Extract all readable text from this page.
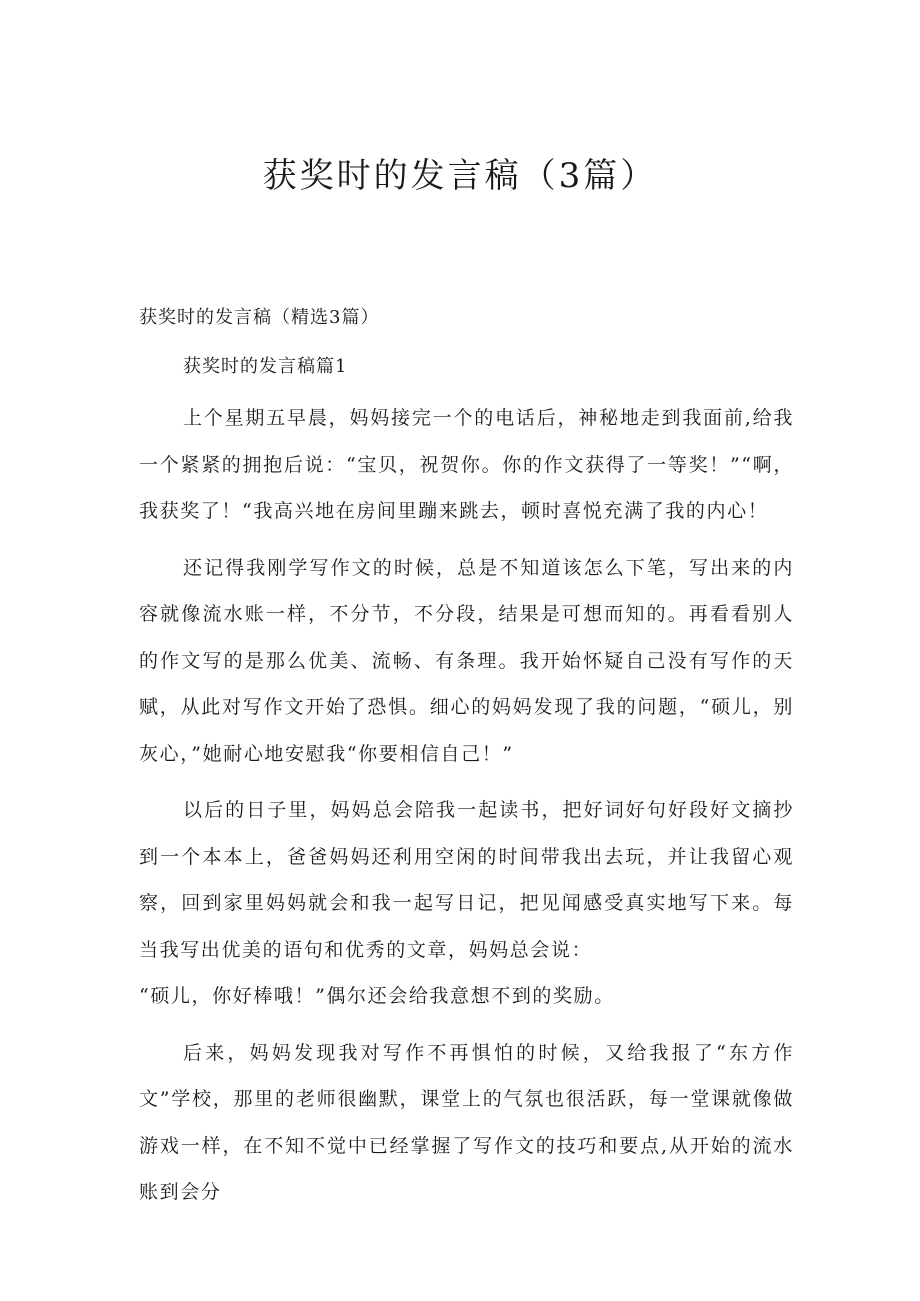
获奖时的发言稿（3篇）

获奖时的发言稿（精选3篇）

获奖时的发言稿篇1

上个星期五早晨，妈妈接完一个的电话后，神秘地走到我面前,给我一个紧紧的拥抱后说：“宝贝，祝贺你。你的作文获得了一等奖！”“啊，我获奖了！“我高兴地在房间里蹦来跳去，顿时喜悦充满了我的内心！

还记得我刚学写作文的时候，总是不知道该怎么下笔，写出来的内容就像流水账一样，不分节，不分段，结果是可想而知的。再看看别人的作文写的是那么优美、流畅、有条理。我开始怀疑自己没有写作的天赋，从此对写作文开始了恐惧。细心的妈妈发现了我的问题，“硕儿，别灰心，”她耐心地安慰我“你要相信自己！”

以后的日子里，妈妈总会陪我一起读书，把好词好句好段好文摘抄到一个本本上，爸爸妈妈还利用空闲的时间带我出去玩，并让我留心观察，回到家里妈妈就会和我一起写日记，把见闻感受真实地写下来。每当我写出优美的语句和优秀的文章，妈妈总会说：

“硕儿，你好棒哦！”偶尔还会给我意想不到的奖励。

后来，妈妈发现我对写作不再惧怕的时候，又给我报了“东方作文”学校，那里的老师很幽默，课堂上的气氛也很活跃，每一堂课就像做游戏一样，在不知不觉中已经掌握了写作文的技巧和要点,从开始的流水账到会分
